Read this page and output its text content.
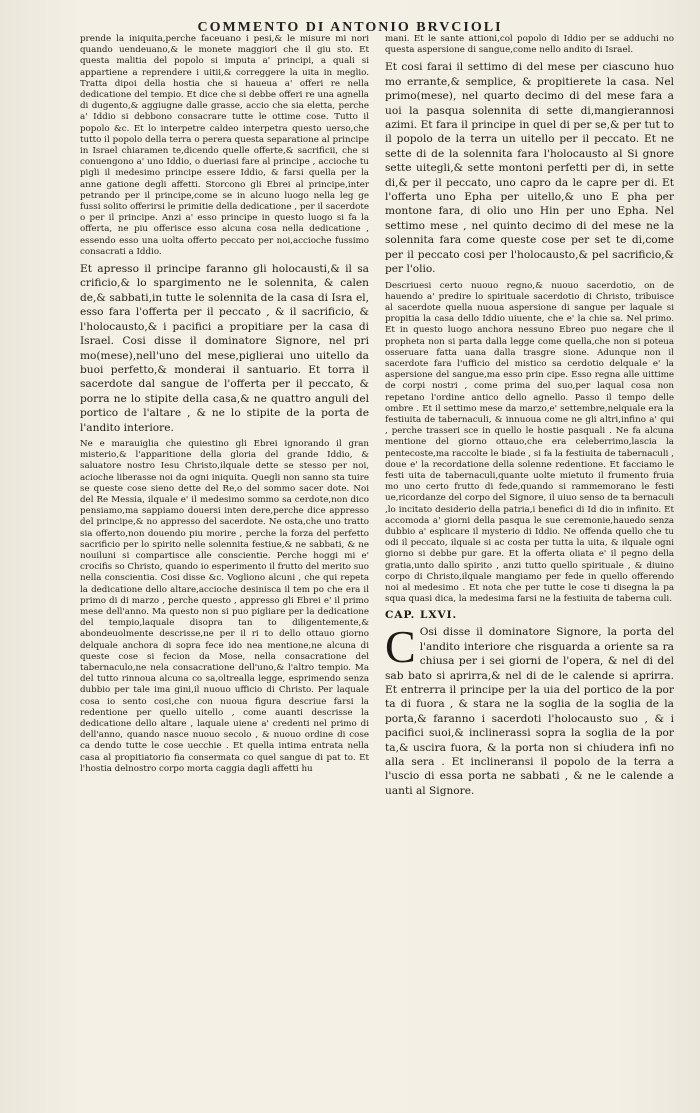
COMMENTO DI ANTONIO BRVCIOLI

prende la iniquita,perche faceuano i pesi,& le misure mi nori quando uendeuano,& le monete maggiori che il giu sto. Et questa malitia del popolo si imputa a' principi, a quali si appartiene a reprendere i uitii,& correggere la uita in meglio. Tratta dipoi della hostia che si haueua a' offeri re nella dedicatione del tempio. Et dice che si debbe offeri re una agnella di dugento,& aggiugne dalle grasse, accio che sia eletta, perche a' Iddio si debbono consacrare tutte le ottime cose. Tutto il popolo &c. Et lo interpetre caldeo interpetra questo uerso,che tutto il popolo della terra o perera questa separatione al principe in Israel chiaramen te,dicendo quelle offerte,& sacrificii, che si conuengono a' uno Iddio, o dueriasi fare al principe , accioche tu pigli il medesimo principe essere Iddio, & farsi quella per la anne gatione degli affetti. Storcono gli Ebrei al principe,inter petrando per il principe,come se in alcuno luogo nella leg ge fussi solito offerirsi le primitie della dedicatione , per il sacerdote o per il principe. Anzi a' esso principe in questo luogo si fa la offerta, ne piu offerisce esso alcuna cosa nella dedicatione , essendo esso una uolta offerto peccato per noi,accioche fussimo consacrati a Iddio.

Et apresso il principe faranno gli holocausti,& il sa crificio,& lo spargimento ne le solennita, & calen de,& sabbati,in tutte le solennita de la casa di Isra el, esso fara l'offerta per il peccato , & il sacrificio, & l'holocausto,& i pacifici a propitiare per la casa di Israel. Cosi disse il dominatore Signore, nel pri mo(mese),nell'uno del mese,piglierai uno uitello da buoi perfetto,& monderai il santuario. Et torra il sacerdote dal sangue de l'offerta per il peccato, & porra ne lo stipite della casa,& ne quattro anguli del portico de l'altare , & ne lo stipite de la porta de l'andito interiore.

Ne e marauiglia che quiestino gli Ebrei ignorando il gran misterio,& l'apparitione della gloria del grande Iddio, & saluatore nostro Iesu Christo,ilquale dette se stesso per noi, acioche liberasse noi da ogni iniquita. Quegli non sanno sta tuire se queste cose sieno dette del Re,o del sommo sacer dote. Noi del Re Messia, ilquale e' il medesimo sommo sa cerdote,non dico pensiamo,ma sappiamo douersi inten dere,perche dice appresso del principe,& no appresso del sacerdote. Ne osta,che uno tratto sia offerto,non douendo piu morire , perche la forza del perfetto sacrificio per lo spirito nelle solennita festiue,& ne sabbati, & ne nouiluni si compartisce alle conscientie. Perche hoggi mi e' crocifis so Christo, quando io esperimento il frutto del merito suo nella conscientia. Cosi disse &c. Vogliono alcuni , che qui repeta la dedicatione dello altare,accioche desinisca il tem po che era il primo di di marzo , perche questo , appresso gli Ebrei e' il primo mese dell'anno. Ma questo non si puo pigliare per la dedicatione del tempio,laquale disopra tan to diligentemente,& abondeuolmente descrisse,ne per il ri to dello ottauo giorno delquale anchora di sopra fece ido nea mentione,ne alcuna di queste cose si fecion da Mose, nella consacratione del tabernaculo,ne nela consacratione dell'uno,& l'altro tempio. Ma del tutto rinnoua alcuna co sa,oltrealla legge, esprimendo senza dubbio per tale ima gini,il nuouo ufficio di Christo. Per laquale cosa io sento cosi,che con nuoua figura descriue farsi la redentione per quello uitello , come auanti descrisse la dedicatione dello altare , laquale uiene a' credenti nel primo di dell'anno, quando nasce nuouo secolo , & nuouo ordine di cose ca dendo tutte le cose uecchie . Et quella intima entrata nella casa al propitiatorio fia consermata co quel sangue di pat to. Et l'hostia delnostro corpo morta caggia dagli affetti hu

mani. Et le sante attioni,col popolo di Iddio per se adduchi no questa aspersione di sangue,come nello andito di Israel.

Et cosi farai il settimo di del mese per ciascuno huo mo errante,& semplice, & propitierete la casa. Nel primo(mese), nel quarto decimo di del mese fara a uoi la pasqua solennita di sette di,mangierannosi azimi. Et fara il principe in quel di per se,& per tut to il popolo de la terra un uitello per il peccato. Et ne sette di de la solennita fara l'holocausto al Si gnore sette uitegli,& sette montoni perfetti per di, in sette di,& per il peccato, uno capro da le capre per di. Et l'offerta uno Epha per uitello,& uno E pha per montone fara, di olio uno Hin per uno Epha. Nel settimo mese , nel quinto decimo di del mese ne la solennita fara come queste cose per set te di,come per il peccato cosi per l'holocausto,& pel sacrificio,& per l'olio.

Descriuesi certo nuouo regno,& nuouo sacerdotio, on de hauendo a' predire lo spirituale sacerdotio di Christo, tribuisce al sacerdote quella nuoua aspersione di sangue per laquale si propitia la casa dello Iddio uiuente, che e' la chie sa. Nel primo. Et in questo luogo anchora nessuno Ebreo puo negare che il propheta non si parta dalla legge come quella,che non si poteua osseruare fatta uana dalla trasgre sione. Adunque non il sacerdote fara l'ufficio del mistico sa cerdotio delquale e' la aspersione del sangue,ma esso prin cipe. Esso regna alle uittime de corpi nostri , come prima del suo,per laqual cosa non repetano l'ordine antico dello agnello. Passo il tempo delle ombre . Et il settimo mese da marzo,e' settembre,nelquale era la festiuita de tabernaculi, & innuoua come ne gli altri,infino a' qui , perche trasseri sce in quello le hostie pasquali . Ne fa alcuna mentione del giorno ottauo,che era celeberrimo,lascia la pentecoste,ma raccolte le biade , si fa la festiuita de tabernaculi , doue e' la recordatione della solenne redentione. Et facciamo le festi uita de tabernaculi,quante uolte mietuto il frumento fruia mo uno certo frutto di fede,quando si rammemorano le festi ue,ricordanze del corpo del Signore, il uiuo senso de ta bernaculi ,lo incitato desiderio della patria,i benefici di Id dio in infinito. Et accomoda a' giorni della pasqua le sue ceremonie,hauedo senza dubbio a' esplicare il mysterio di Iddio. Ne offenda quello che tu odi il peccato, ilquale si ac costa per tutta la uita, & ilquale ogni giorno si debbe pur gare. Et la offerta oliata e' il pegno della gratia,unto dallo spirito , anzi tutto quello spirituale , & diuino corpo di Christo,ilquale mangiamo per fede in quello offerendo noi al medesimo . Et nota che per tutte le cose ti disegna la pa squa quasi dica, la medesima farsi ne la festiuita de taberna culi.

CAP. LXVI.

C Osi disse il dominatore Signore, la porta del l'andito interiore che risguarda a oriente sa ra chiusa per i sei giorni de l'opera, & nel di del sab bato si aprirra,& nel di de le calende si aprirra. Et entrerra il principe per la uia del portico de la por ta di fuora , & stara ne la soglia de la soglia de la porta,& faranno i sacerdoti l'holocausto suo , & i pacifici suoi,& inclinerassi sopra la soglia de la por ta,& uscira fuora, & la porta non si chiudera infi no alla sera . Et inclineransi il popolo de la terra a l'uscio di essa porta ne sabbati , & ne le calende a uanti al Signore.
